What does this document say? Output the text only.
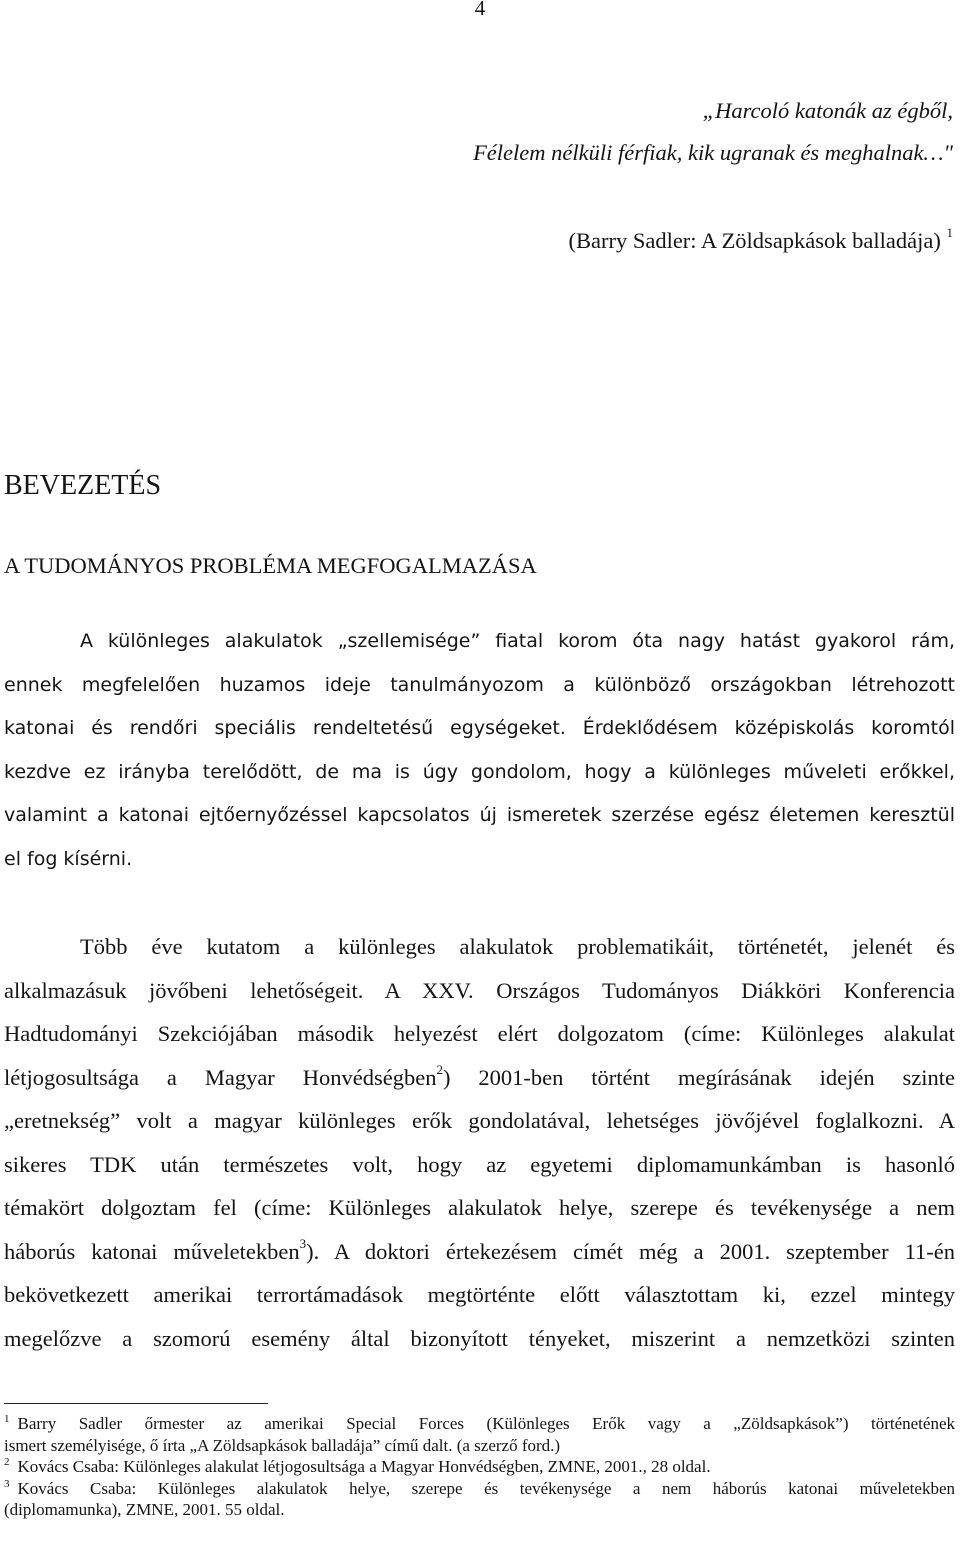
4
„Harcoló katonák az égből,
Félelem nélküli férfiak, kik ugranak és meghalnak…"
(Barry Sadler: A Zöldsapkások balladája) $^1$
BEVEZETÉS
A TUDOMÁNYOS PROBLÉMA MEGFOGALMAZÁSA
A különleges alakulatok „szellemisége” fiatal korom óta nagy hatást gyakorol rám,
ennek megfelelően huzamos ideje tanulmányozom a különböző országokban létrehozott
katonai és rendőri speciális rendeltetésű egységeket. Érdeklődésem középiskolás koromtól
kezdve ez irányba terelődött, de ma is úgy gondolom, hogy a különleges műveleti erőkkel,
valamint a katonai ejtőernyőzéssel kapcsolatos új ismeretek szerzése egész életemen keresztül
el fog kísérni.
Több éve kutatom a különleges alakulatok problematikáit, történetét, jelenét és
alkalmazásuk jövőbeni lehetőségeit. A XXV. Országos Tudományos Diákköri Konferencia
Hadtudományi Szekciójában második helyezést elért dolgozatom (címe: Különleges alakulat
létjogosultsága a Magyar Honvédségben$^2$) 2001-ben történt megírásának idején szinte
„eretnekség” volt a magyar különleges erők gondolatával, lehetséges jövőjével foglalkozni. A
sikeres TDK után természetes volt, hogy az egyetemi diplomamunkámban is hasonló
témakört dolgoztam fel (címe: Különleges alakulatok helye, szerepe és tevékenysége a nem
háborús katonai műveletekben$^3$). A doktori értekezésem címét még a 2001. szeptember 11-én
bekövetkezett amerikai terrortámadások megtörténte előtt választottam ki, ezzel mintegy
megelőzve a szomorú esemény által bizonyított tényeket, miszerint a nemzetközi szinten
$^1$ Barry Sadler őrmester az amerikai Special Forces (Különleges Erők vagy a „Zöldsapkások”) történetének
ismert személyisége, ő írta „A Zöldsapkások balladája” című dalt. (a szerző ford.)
$^2$ Kovács Csaba: Különleges alakulat létjogosultsága a Magyar Honvédségben, ZMNE, 2001., 28 oldal.
$^3$ Kovács Csaba: Különleges alakulatok helye, szerepe és tevékenysége a nem háborús katonai műveletekben
(diplomamunka), ZMNE, 2001. 55 oldal.
